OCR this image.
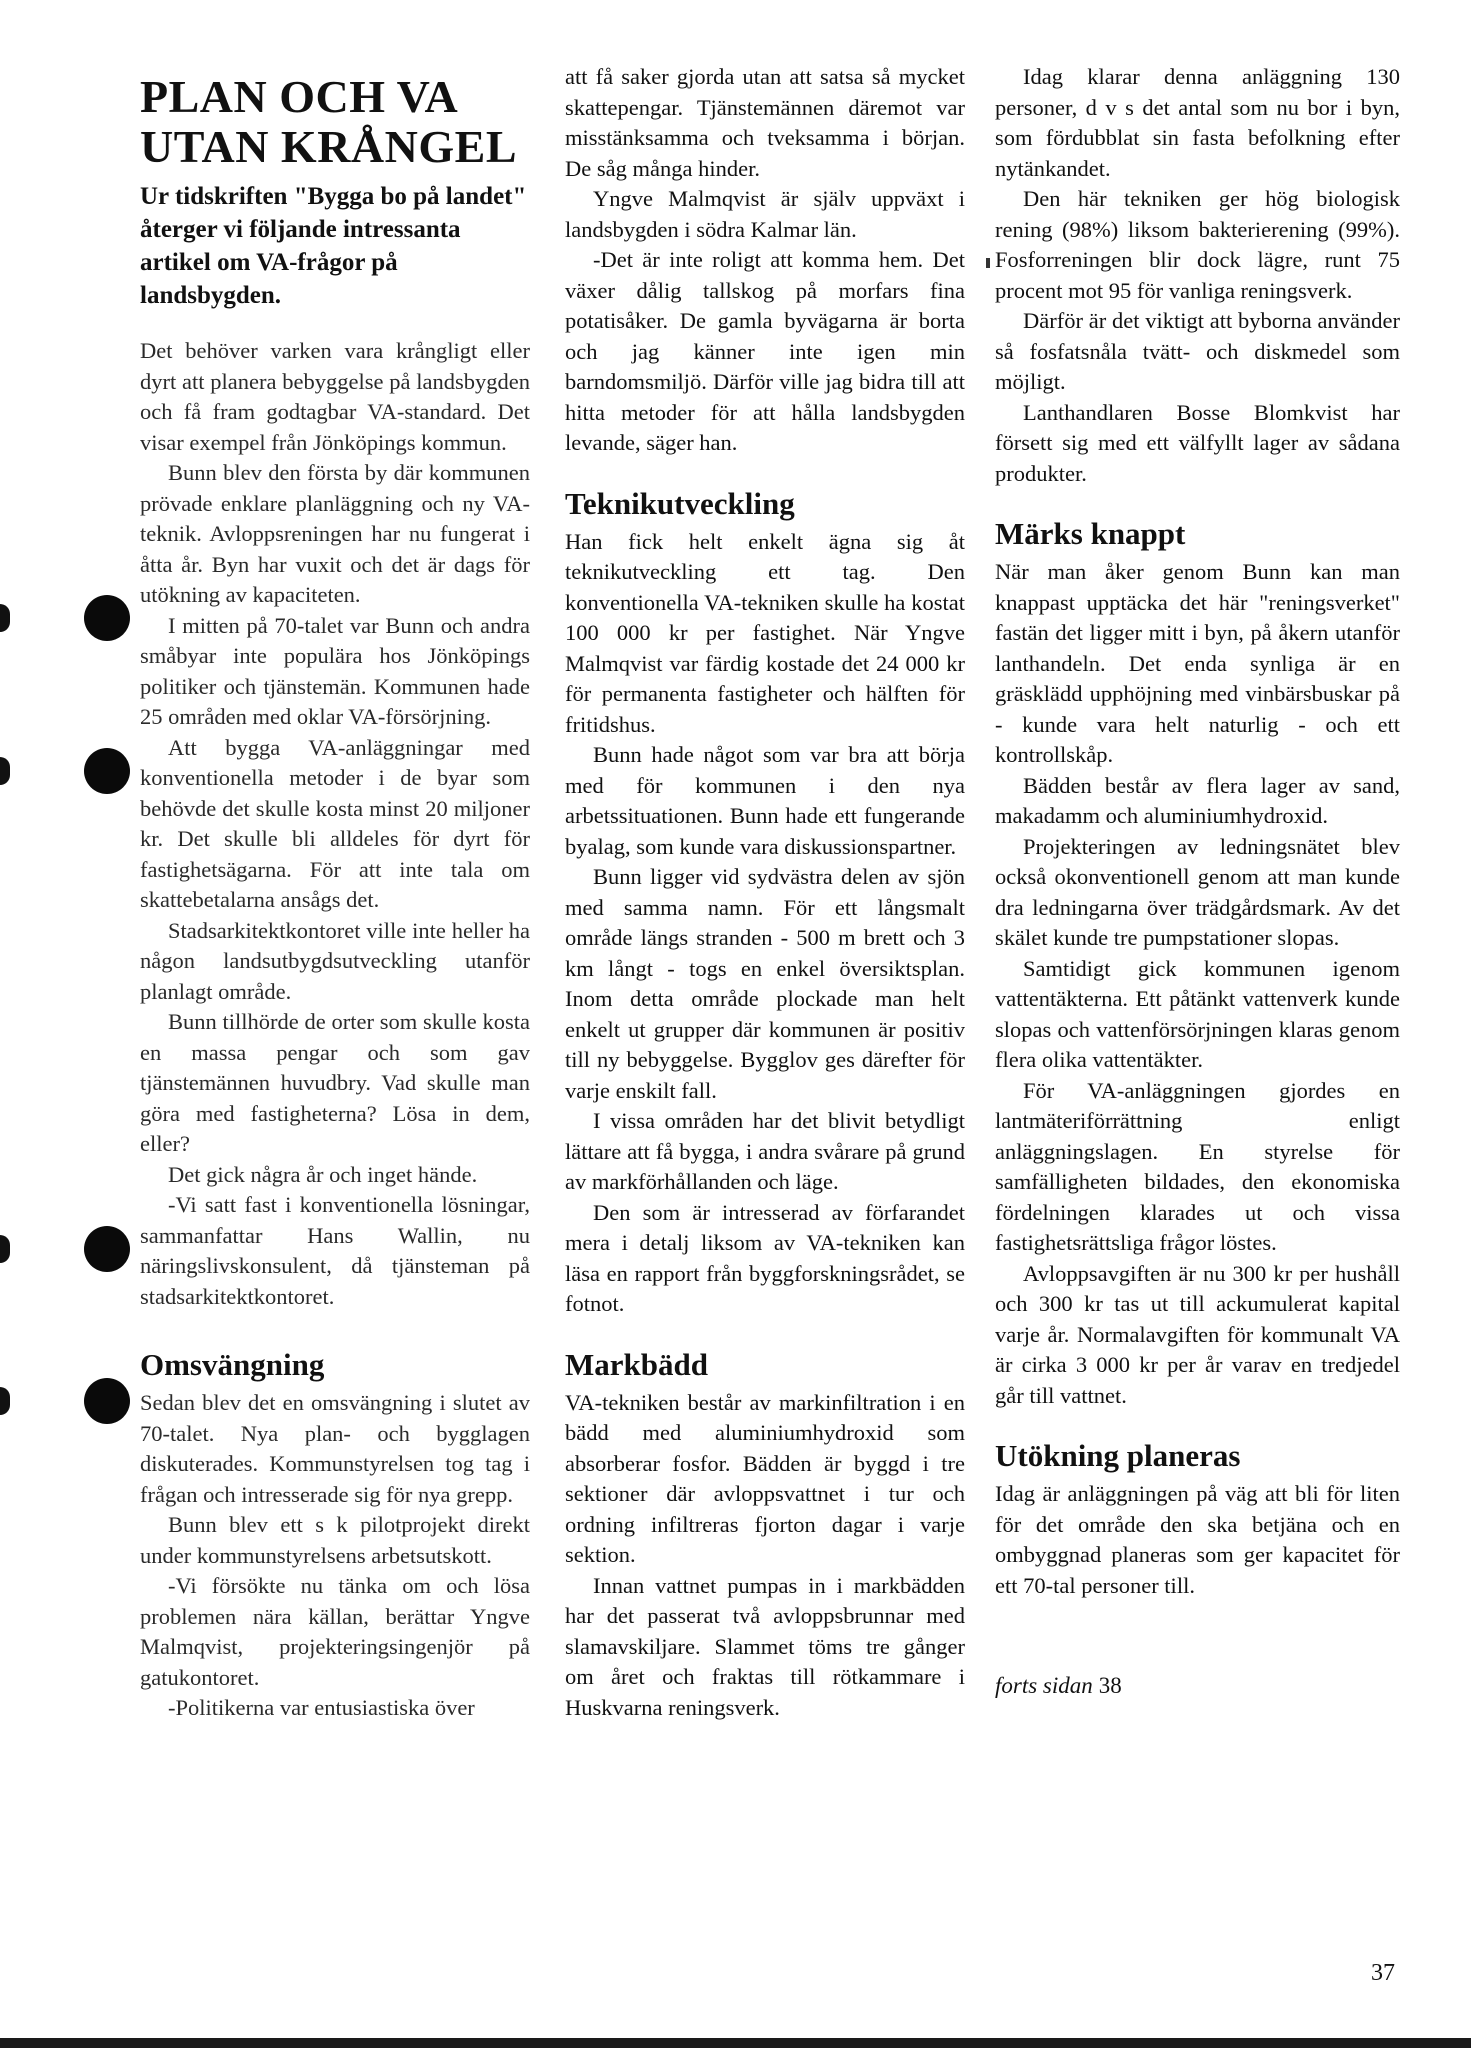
PLAN OCH VA
UTAN KRÅNGEL
Ur tidskriften "Bygga bo på landet" återger vi följande intressanta artikel om VA-frågor på landsbygden.

Det behöver varken vara krångligt eller dyrt att planera bebyggelse på landsbygden och få fram godtagbar VA-standard. Det visar exempel från Jönköpings kommun.

Bunn blev den första by där kommunen prövade enklare planläggning och ny VA-teknik. Avloppsreningen har nu fungerat i åtta år. Byn har vuxit och det är dags för utökning av kapaciteten.

I mitten på 70-talet var Bunn och andra småbyar inte populära hos Jönköpings politiker och tjänstemän. Kommunen hade 25 områden med oklar VA-försörjning.

Att bygga VA-anläggningar med konventionella metoder i de byar som behövde det skulle kosta minst 20 miljoner kr. Det skulle bli alldeles för dyrt för fastighetsägarna. För att inte tala om skattebetalarna ansågs det.

Stadsarkitektkontoret ville inte heller ha någon landsutbygdsutveckling utanför planlagt område.

Bunn tillhörde de orter som skulle kosta en massa pengar och som gav tjänstemännen huvudbry. Vad skulle man göra med fastigheterna? Lösa in dem, eller?

Det gick några år och inget hände.

-Vi satt fast i konventionella lösningar, sammanfattar Hans Wallin, nu näringslivskonsulent, då tjänsteman på stadsarkitektkontoret.

Omsvängning

Sedan blev det en omsvängning i slutet av 70-talet. Nya plan- och bygglagen diskuterades. Kommunstyrelsen tog tag i frågan och intresserade sig för nya grepp.

Bunn blev ett s k pilotprojekt direkt under kommunstyrelsens arbetsutskott.

-Vi försökte nu tänka om och lösa problemen nära källan, berättar Yngve Malmqvist, projekteringsingenjör på gatukontoret.

-Politikerna var entusiastiska över

att få saker gjorda utan att satsa så mycket skattepengar. Tjänstemännen däremot var misstänksamma och tveksamma i början. De såg många hinder.

Yngve Malmqvist är själv uppväxt i landsbygden i södra Kalmar län.

-Det är inte roligt att komma hem. Det växer dålig tallskog på morfars fina potatisåker. De gamla byvägarna är borta och jag känner inte igen min barndomsmiljö. Därför ville jag bidra till att hitta metoder för att hålla landsbygden levande, säger han.

Teknikutveckling

Han fick helt enkelt ägna sig åt teknikutveckling ett tag. Den konventionella VA-tekniken skulle ha kostat 100 000 kr per fastighet. När Yngve Malmqvist var färdig kostade det 24 000 kr för permanenta fastigheter och hälften för fritidshus.

Bunn hade något som var bra att börja med för kommunen i den nya arbetssituationen. Bunn hade ett fungerande byalag, som kunde vara diskussionspartner.

Bunn ligger vid sydvästra delen av sjön med samma namn. För ett långsmalt område längs stranden - 500 m brett och 3 km långt - togs en enkel översiktsplan. Inom detta område plockade man helt enkelt ut grupper där kommunen är positiv till ny bebyggelse. Bygglov ges därefter för varje enskilt fall.

I vissa områden har det blivit betydligt lättare att få bygga, i andra svårare på grund av markförhållanden och läge.

Den som är intresserad av förfarandet mera i detalj liksom av VA-tekniken kan läsa en rapport från byggforskningsrådet, se fotnot.

Markbädd

VA-tekniken består av markinfiltration i en bädd med aluminiumhydroxid som absorberar fosfor. Bädden är byggd i tre sektioner där avloppsvattnet i tur och ordning infiltreras fjorton dagar i varje sektion.

Innan vattnet pumpas in i markbädden har det passerat två avloppsbrunnar med slamavskiljare. Slammet töms tre gånger om året och fraktas till rötkammare i Huskvarna reningsverk.

Idag klarar denna anläggning 130 personer, d v s det antal som nu bor i byn, som fördubblat sin fasta befolkning efter nytänkandet.

Den här tekniken ger hög biologisk rening (98%) liksom bakterierening (99%). Fosforreningen blir dock lägre, runt 75 procent mot 95 för vanliga reningsverk.

Därför är det viktigt att byborna använder så fosfatsnåla tvätt- och diskmedel som möjligt.

Lanthandlaren Bosse Blomkvist har försett sig med ett välfyllt lager av sådana produkter.

Märks knappt

När man åker genom Bunn kan man knappast upptäcka det här "reningsverket" fastän det ligger mitt i byn, på åkern utanför lanthandeln. Det enda synliga är en gräsklädd upphöjning med vinbärsbuskar på - kunde vara helt naturlig - och ett kontrollskåp.

Bädden består av flera lager av sand, makadamm och aluminiumhydroxid.

Projekteringen av ledningsnätet blev också okonventionell genom att man kunde dra ledningarna över trädgårdsmark. Av det skälet kunde tre pumpstationer slopas.

Samtidigt gick kommunen igenom vattentäkterna. Ett påtänkt vattenverk kunde slopas och vattenförsörjningen klaras genom flera olika vattentäkter.

För VA-anläggningen gjordes en lantmäteriförrättning enligt anläggningslagen. En styrelse för samfälligheten bildades, den ekonomiska fördelningen klarades ut och vissa fastighetsrättsliga frågor löstes.

Avloppsavgiften är nu 300 kr per hushåll och 300 kr tas ut till ackumulerat kapital varje år. Normalavgiften för kommunalt VA är cirka 3 000 kr per år varav en tredjedel går till vattnet.

Utökning planeras

Idag är anläggningen på väg att bli för liten för det område den ska betjäna och en ombyggnad planeras som ger kapacitet för ett 70-tal personer till.

forts sidan 38
37
